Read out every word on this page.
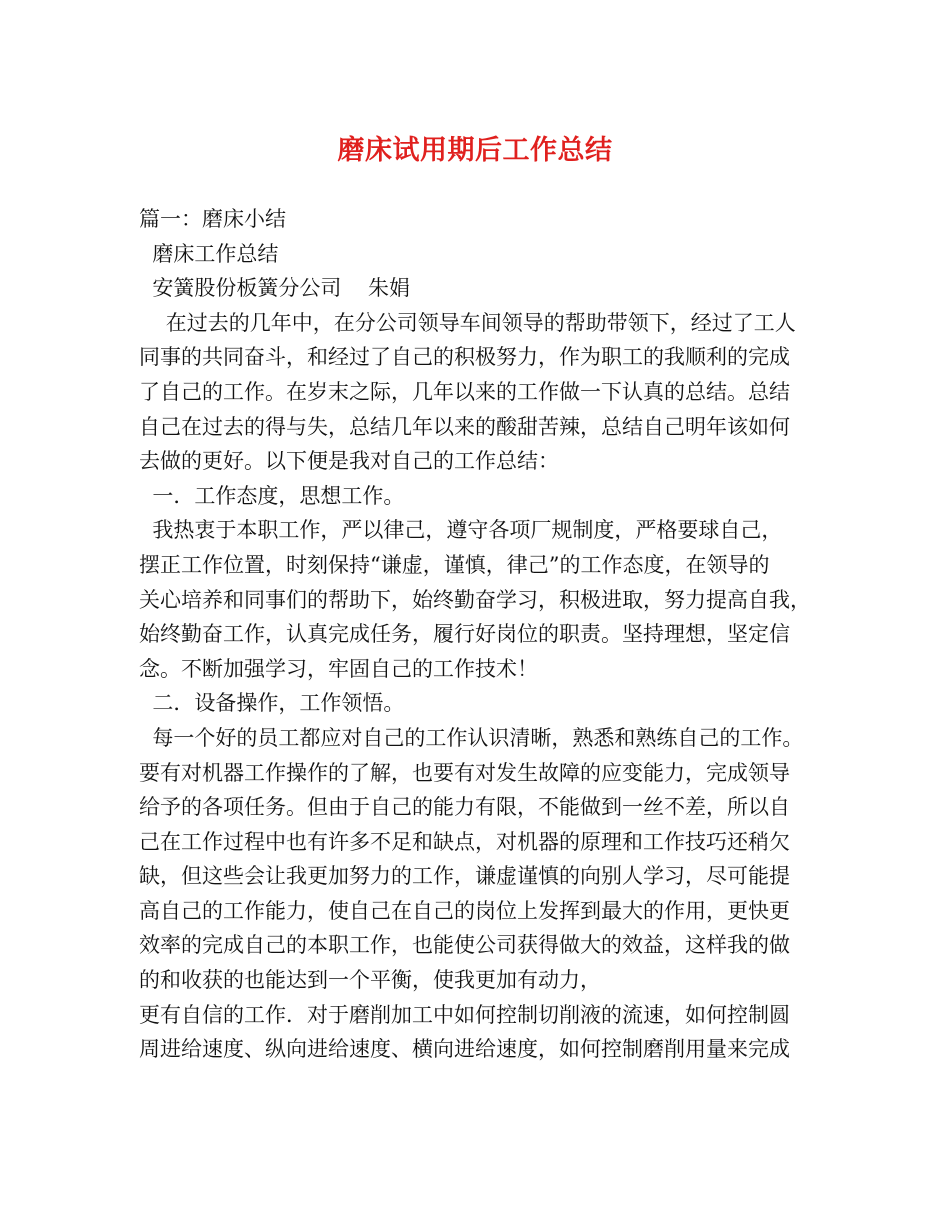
磨床试用期后工作总结
篇一：磨床小结
磨床工作总结
安簧股份板簧分公司    朱娟
在过去的几年中，在分公司领导车间领导的帮助带领下，经过了工人
同事的共同奋斗，和经过了自己的积极努力，作为职工的我顺利的完成
了自己的工作。在岁末之际，几年以来的工作做一下认真的总结。总结
自己在过去的得与失，总结几年以来的酸甜苦辣，总结自己明年该如何
去做的更好。以下便是我对自己的工作总结：
一．工作态度，思想工作。
我热衷于本职工作，严以律己，遵守各项厂规制度，严格要球自己，
摆正工作位置，时刻保持“谦虚，谨慎，律己”的工作态度，在领导的
关心培养和同事们的帮助下，始终勤奋学习，积极进取，努力提高自我，
始终勤奋工作，认真完成任务，履行好岗位的职责。坚持理想，坚定信
念。不断加强学习，牢固自己的工作技术！
二．设备操作，工作领悟。
每一个好的员工都应对自己的工作认识清晰，熟悉和熟练自己的工作。
要有对机器工作操作的了解，也要有对发生故障的应变能力，完成领导
给予的各项任务。但由于自己的能力有限，不能做到一丝不差，所以自
己在工作过程中也有许多不足和缺点，对机器的原理和工作技巧还稍欠
缺，但这些会让我更加努力的工作，谦虚谨慎的向别人学习，尽可能提
高自己的工作能力，使自己在自己的岗位上发挥到最大的作用，更快更
效率的完成自己的本职工作，也能使公司获得做大的效益，这样我的做
的和收获的也能达到一个平衡，使我更加有动力，
更有自信的工作．对于磨削加工中如何控制切削液的流速，如何控制圆
周进给速度、纵向进给速度、横向进给速度，如何控制磨削用量来完成
